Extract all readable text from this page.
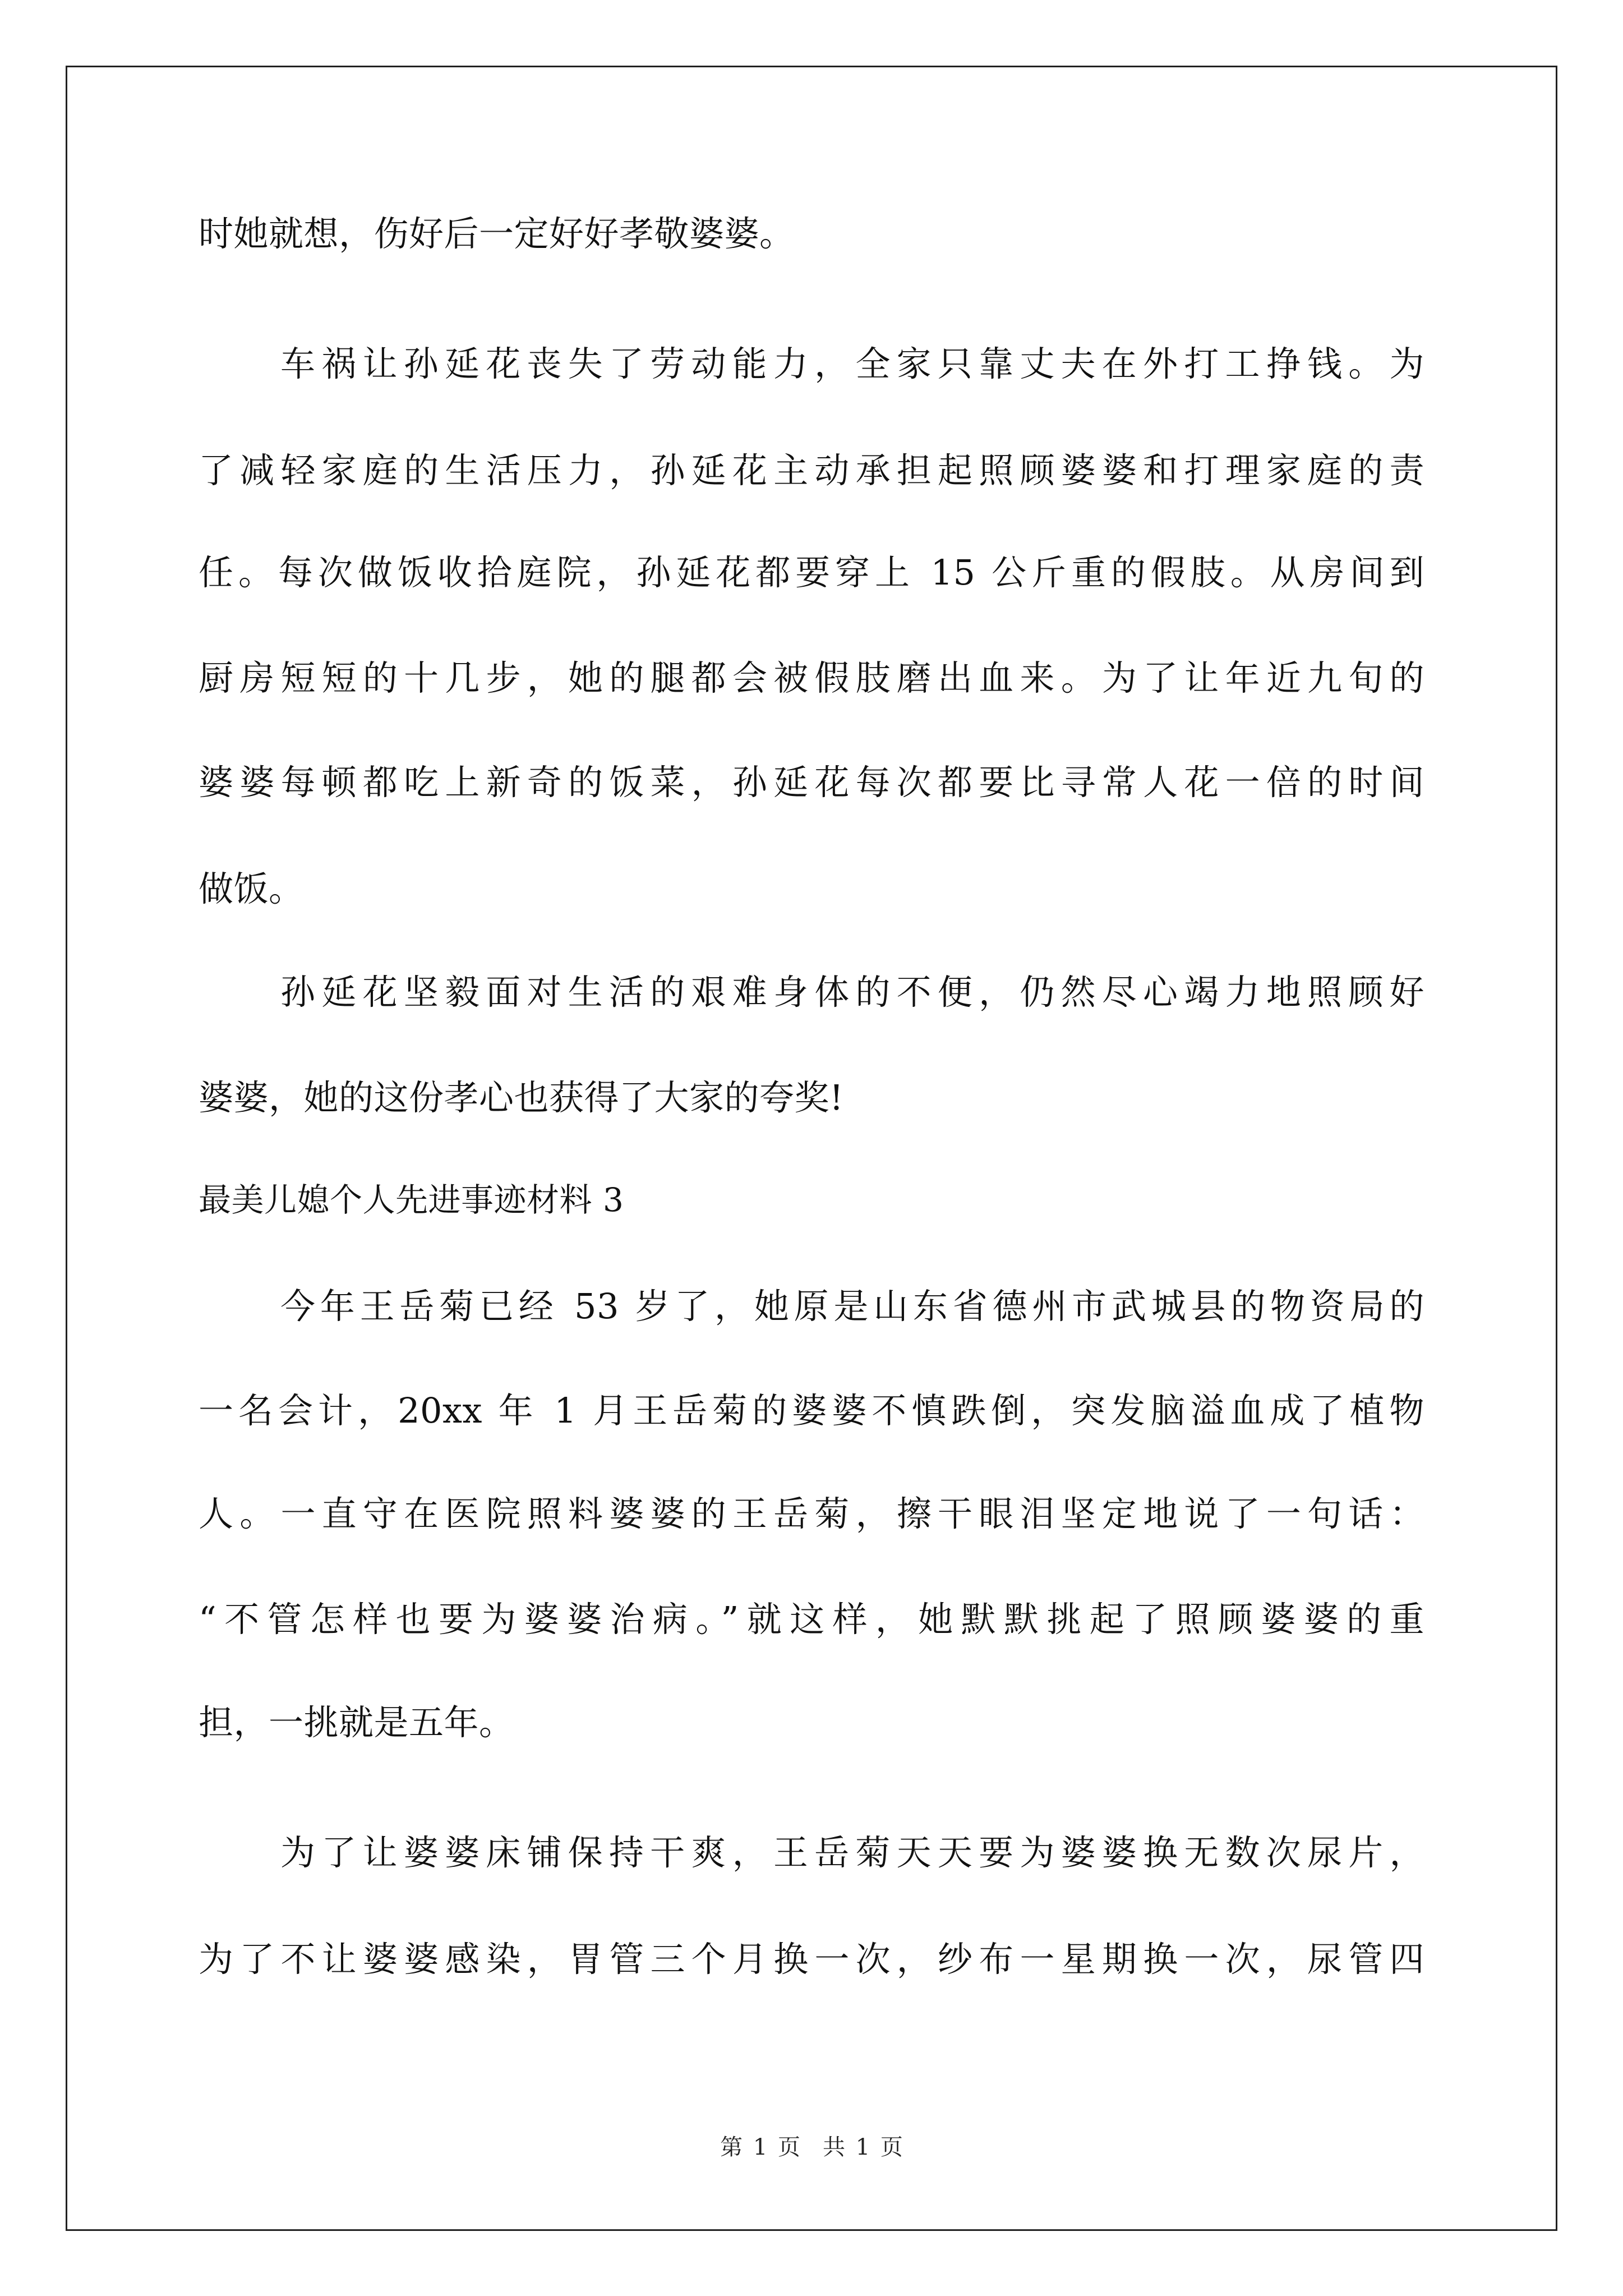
时她就想，伤好后一定好好孝敬婆婆。
车祸让孙延花丧失了劳动能力，全家只靠丈夫在外打工挣钱。为
了减轻家庭的生活压力，孙延花主动承担起照顾婆婆和打理家庭的责
任。每次做饭收拾庭院，孙延花都要穿上 15 公斤重的假肢。从房间到
厨房短短的十几步，她的腿都会被假肢磨出血来。为了让年近九旬的
婆婆每顿都吃上新奇的饭菜，孙延花每次都要比寻常人花一倍的时间
做饭。
孙延花坚毅面对生活的艰难身体的不便，仍然尽心竭力地照顾好
婆婆，她的这份孝心也获得了大家的夸奖!
最美儿媳个人先进事迹材料 3
今年王岳菊已经 53 岁了，她原是山东省德州市武城县的物资局的
一名会计，20xx 年 1 月王岳菊的婆婆不慎跌倒，突发脑溢血成了植物
人。一直守在医院照料婆婆的王岳菊，擦干眼泪坚定地说了一句话：
“不管怎样也要为婆婆治病。”就这样，她默默挑起了照顾婆婆的重
担，一挑就是五年。
为了让婆婆床铺保持干爽，王岳菊天天要为婆婆换无数次尿片，
为了不让婆婆感染，胃管三个月换一次，纱布一星期换一次，尿管四
第 1 页　共 1 页
